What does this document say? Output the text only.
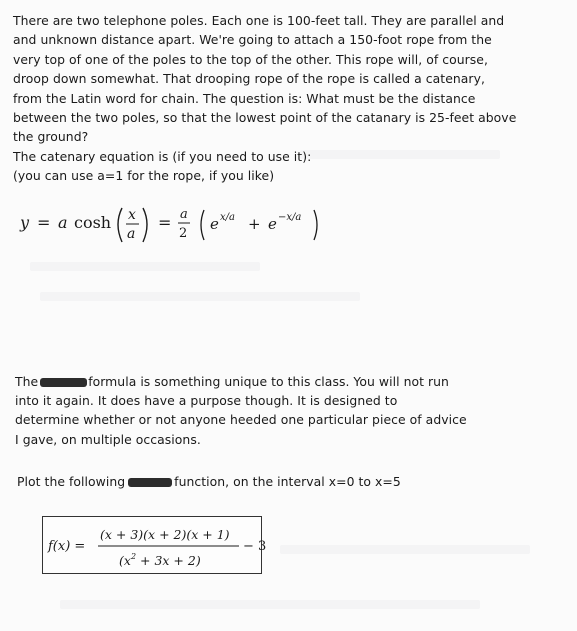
There are two telephone poles. Each one is 100-feet tall. They are parallel and
and unknown distance apart. We're going to attach a 150-foot rope from the
very top of one of the poles to the top of the other. This rope will, of course,
droop down somewhat. That drooping rope of the rope is called a catenary,
from the Latin word for chain. The question is: What must be the distance
between the two poles, so that the lowest point of the catanary is 25-feet above
the ground?
The catenary equation is (if you need to use it):
(you can use a=1 for the rope, if you like)
y = a cosh x
a
= a
2
e x/a + e −x/a
The	formula is something unique to this class. You will not run
into it again. It does have a purpose though. It is designed to
determine whether or not anyone heeded one particular piece of advice
I gave, on multiple occasions.
Plot the following	function, on the interval x=0 to x=5
f(x) =
(x + 3)(x + 2)(x + 1)
$(x^2 + 3x + 2)$
− 3
